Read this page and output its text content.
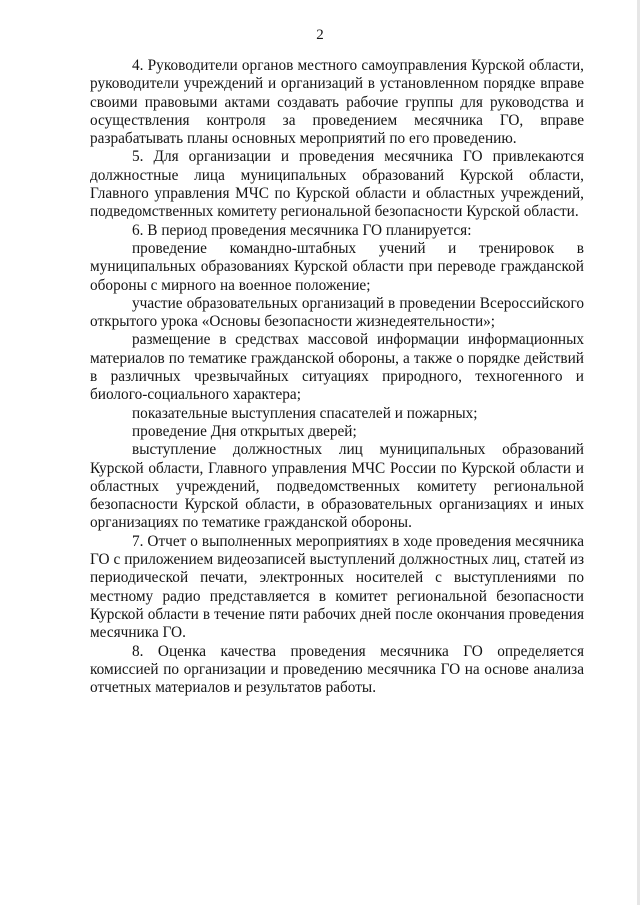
2

4. Руководители органов местного самоуправления Курской области, руководители учреждений и организаций в установленном порядке вправе своими правовыми актами создавать рабочие группы для руководства и осуществления контроля за проведением месячника ГО, вправе разрабатывать планы основных мероприятий по его проведению.

5. Для организации и проведения месячника ГО привлекаются должностные лица муниципальных образований Курской области, Главного управления МЧС по Курской области и областных учреждений, подведомственных комитету региональной безопасности Курской области.

6. В период проведения месячника ГО планируется:

проведение командно-штабных учений и тренировок в муниципальных образованиях Курской области при переводе гражданской обороны с мирного на военное положение;

участие образовательных организаций в проведении Всероссийского открытого урока «Основы безопасности жизнедеятельности»;

размещение в средствах массовой информации информационных материалов по тематике гражданской обороны, а также о порядке действий в различных чрезвычайных ситуациях природного, техногенного и биолого-социального характера;

показательные выступления спасателей и пожарных;

проведение Дня открытых дверей;

выступление должностных лиц муниципальных образований Курской области, Главного управления МЧС России по Курской области и областных учреждений, подведомственных комитету региональной безопасности Курской области, в образовательных организациях и иных организациях по тематике гражданской обороны.

7. Отчет о выполненных мероприятиях в ходе проведения месячника ГО с приложением видеозаписей выступлений должностных лиц, статей из периодической печати, электронных носителей с выступлениями по местному радио представляется в комитет региональной безопасности Курской области в течение пяти рабочих дней после окончания проведения месячника ГО.

8. Оценка качества проведения месячника ГО определяется комиссией по организации и проведению месячника ГО на основе анализа отчетных материалов и результатов работы.
